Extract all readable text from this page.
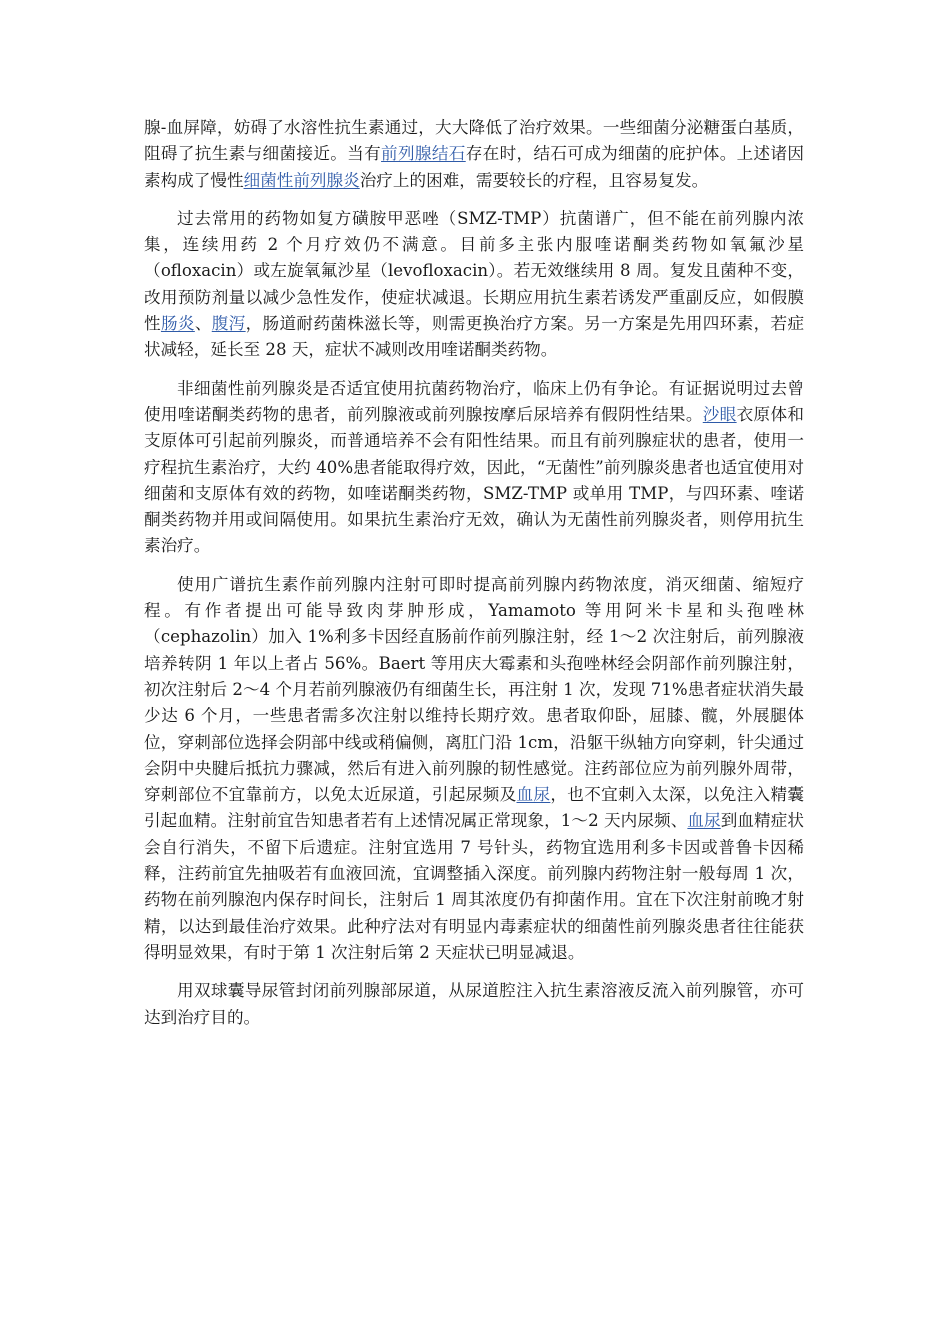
腺-血屏障，妨碍了水溶性抗生素通过，大大降低了治疗效果。一些细菌分泌糖蛋白基质，阻碍了抗生素与细菌接近。当有前列腺结石存在时，结石可成为细菌的庇护体。上述诸因素构成了慢性细菌性前列腺炎治疗上的困难，需要较长的疗程，且容易复发。

过去常用的药物如复方磺胺甲恶唑（SMZ-TMP）抗菌谱广，但不能在前列腺内浓集，连续用药 2 个月疗效仍不满意。目前多主张内服喹诺酮类药物如氧氟沙星（ofloxacin）或左旋氧氟沙星（levofloxacin）。若无效继续用 8 周。复发且菌种不变，改用预防剂量以减少急性发作，使症状减退。长期应用抗生素若诱发严重副反应，如假膜性肠炎、腹泻，肠道耐药菌株滋长等，则需更换治疗方案。另一方案是先用四环素，若症状减轻，延长至 28 天，症状不减则改用喹诺酮类药物。

非细菌性前列腺炎是否适宜使用抗菌药物治疗，临床上仍有争论。有证据说明过去曾使用喹诺酮类药物的患者，前列腺液或前列腺按摩后尿培养有假阴性结果。沙眼衣原体和支原体可引起前列腺炎，而普通培养不会有阳性结果。而且有前列腺症状的患者，使用一疗程抗生素治疗，大约 40%患者能取得疗效，因此，“无菌性”前列腺炎患者也适宜使用对细菌和支原体有效的药物，如喹诺酮类药物，SMZ-TMP 或单用 TMP，与四环素、喹诺酮类药物并用或间隔使用。如果抗生素治疗无效，确认为无菌性前列腺炎者，则停用抗生素治疗。

使用广谱抗生素作前列腺内注射可即时提高前列腺内药物浓度，消灭细菌、缩短疗程。有作者提出可能导致肉芽肿形成，Yamamoto 等用阿米卡星和头孢唑林（cephazolin）加入 1%利多卡因经直肠前作前列腺注射，经 1～2 次注射后，前列腺液培养转阴 1 年以上者占 56%。Baert 等用庆大霉素和头孢唑林经会阴部作前列腺注射，初次注射后 2～4 个月若前列腺液仍有细菌生长，再注射 1 次，发现 71%患者症状消失最少达 6 个月，一些患者需多次注射以维持长期疗效。患者取仰卧，屈膝、髋，外展腿体位，穿刺部位选择会阴部中线或稍偏侧，离肛门沿 1cm，沿躯干纵轴方向穿刺，针尖通过会阴中央腱后抵抗力骤减，然后有进入前列腺的韧性感觉。注药部位应为前列腺外周带，穿刺部位不宜靠前方，以免太近尿道，引起尿频及血尿，也不宜刺入太深，以免注入精囊引起血精。注射前宜告知患者若有上述情况属正常现象，1～2 天内尿频、血尿到血精症状会自行消失，不留下后遗症。注射宜选用 7 号针头，药物宜选用利多卡因或普鲁卡因稀释，注药前宜先抽吸若有血液回流，宜调整插入深度。前列腺内药物注射一般每周 1 次，药物在前列腺泡内保存时间长，注射后 1 周其浓度仍有抑菌作用。宜在下次注射前晚才射精，以达到最佳治疗效果。此种疗法对有明显内毒素症状的细菌性前列腺炎患者往往能获得明显效果，有时于第 1 次注射后第 2 天症状已明显减退。

用双球囊导尿管封闭前列腺部尿道，从尿道腔注入抗生素溶液反流入前列腺管，亦可达到治疗目的。
